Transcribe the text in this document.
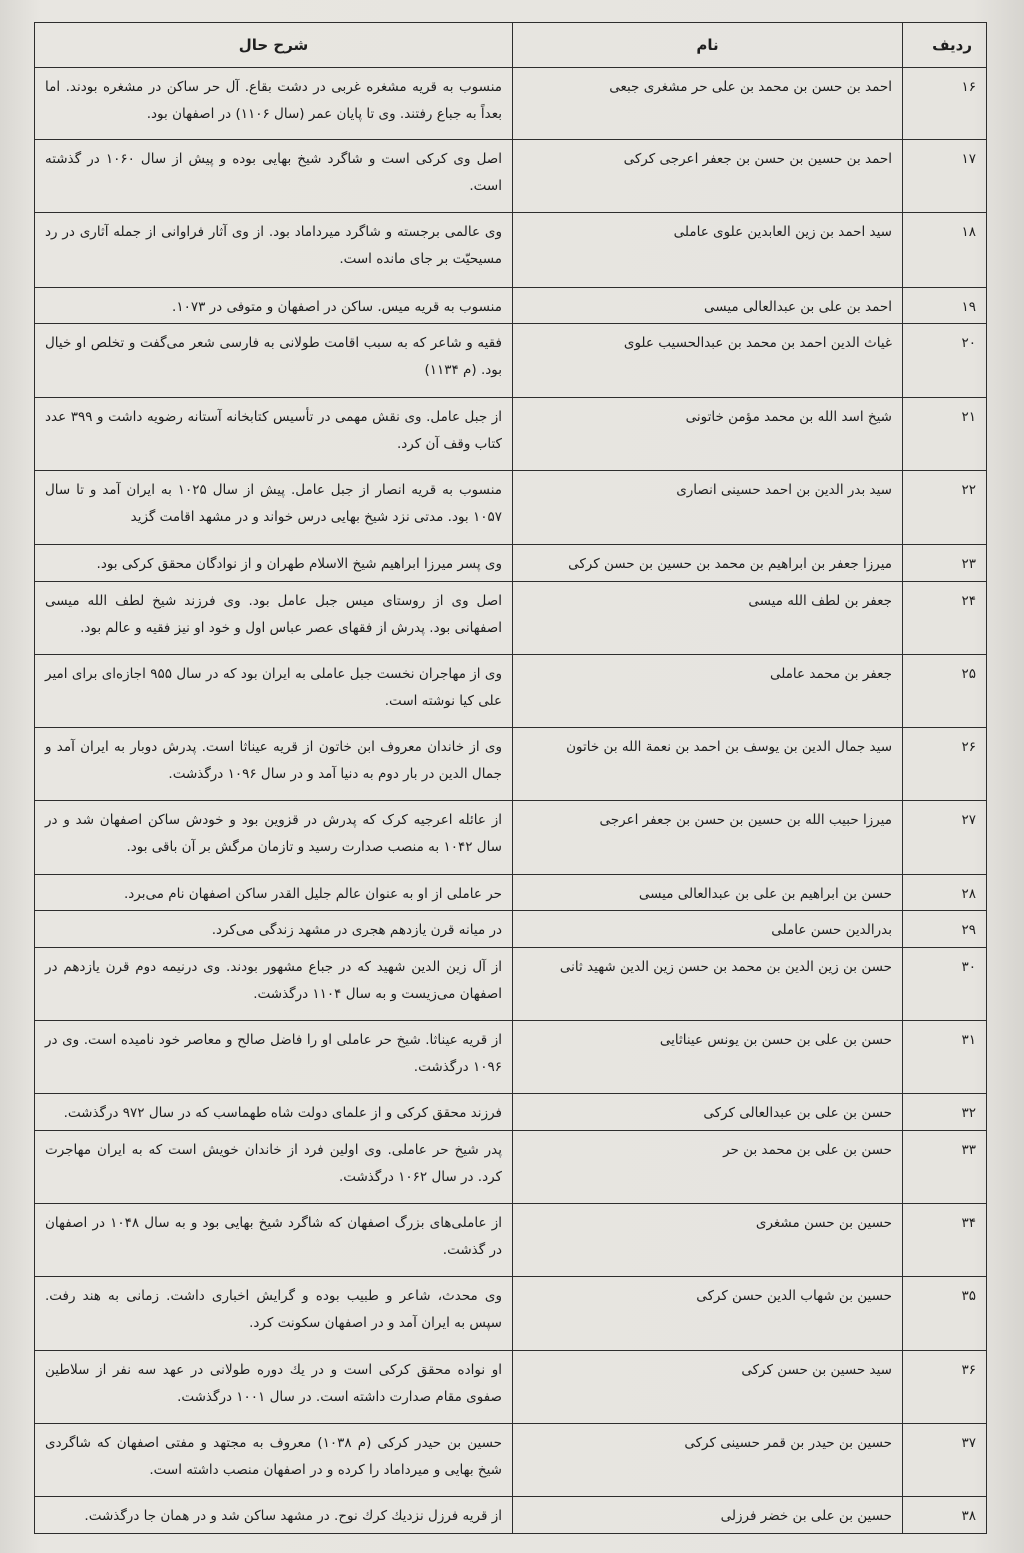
ردیف	نام	شرح حال
۱۶	احمد بن حسن بن محمد بن علی حر مشغری جبعی	منسوب به قریه مشغره غربی در دشت بقاع. آل حر ساکن در مشغره بودند. اما بعداً به جباع رفتند. وی تا پایان عمر (سال ۱۱۰۶) در اصفهان بود.
۱۷	احمد بن حسین بن حسن بن جعفر اعرجی کرکی	اصل وی کرکی است و شاگرد شیخ بهایی بوده و پیش از سال ۱۰۶۰ در گذشته است.
۱۸	سید احمد بن زین العابدین علوی عاملی	وی عالمی برجسته و شاگرد میرداماد بود. از وی آثار فراوانی از جمله آثاری در رد مسیحیّت بر جای مانده است.
۱۹	احمد بن علی بن عبدالعالی میسی	منسوب به قریه میس. ساکن در اصفهان و متوفی در ۱۰۷۳.
۲۰	غیاث الدین احمد بن محمد بن عبدالحسیب علوی	فقیه و شاعر که به سبب اقامت طولانی به فارسی شعر می‌گفت و تخلص او خیال بود. (م ۱۱۳۴)
۲۱	شیخ اسد الله بن محمد مؤمن خاتونی	از جبل عامل. وی نقش مهمی در تأسیس کتابخانه آستانه رضویه داشت و ۳۹۹ عدد کتاب وقف آن کرد.
۲۲	سید بدر الدین بن احمد حسینی انصاری	منسوب به قریه انصار از جبل عامل. پیش از سال ۱۰۲۵ به ایران آمد و تا سال ۱۰۵۷ بود. مدتی نزد شیخ بهایی درس خواند و در مشهد اقامت گزید
۲۳	میرزا جعفر بن ابراهیم بن محمد بن حسین بن حسن کرکی	وی پسر میرزا ابراهیم شیخ الاسلام طهران و از نوادگان محقق کرکی بود.
۲۴	جعفر بن لطف الله میسی	اصل وی از روستای میس جبل عامل بود. وی فرزند شیخ لطف الله میسی اصفهانی بود. پدرش از فقهای عصر عباس اول و خود او نیز فقیه و عالم بود.
۲۵	جعفر بن محمد عاملی	وی از مهاجران نخست جبل عاملی به ایران بود که در سال ۹۵۵ اجازه‌ای برای امیر علی کیا نوشته است.
۲۶	سید جمال الدین بن یوسف بن احمد بن نعمة الله بن خاتون	وی از خاندان معروف ابن خاتون از قریه عیناثا است. پدرش دوبار به ایران آمد و جمال الدین در بار دوم به دنیا آمد و در سال ۱۰۹۶ درگذشت.
۲۷	میرزا حبیب الله بن حسین بن حسن بن جعفر اعرجی	از عائله اعرجیه کرک که پدرش در قزوین بود و خودش ساکن اصفهان شد و در سال ۱۰۴۲ به منصب صدارت رسید و تا‌زمان مرگش بر آن باقی بود.
۲۸	حسن بن ابراهیم بن علی بن عبدالعالی میسی	حر عاملی از او به عنوان عالم جلیل القدر ساکن اصفهان نام می‌برد.
۲۹	بدرالدین حسن عاملی	در میانه قرن یازدهم هجری در مشهد زندگی می‌کرد.
۳۰	حسن بن زین الدین بن محمد بن حسن زین الدین شهید ثانی	از آل زین الدین شهید که در جباع مشهور بودند. وی درنیمه دوم قرن یازدهم در اصفهان می‌زیست و به سال ۱۱۰۴ درگذشت.
۳۱	حسن بن علی بن حسن بن یونس عیناثایی	از قریه عیناثا. شیخ حر عاملی او را فاضل صالح و معاصر خود نامیده است. وی در ۱۰۹۶ درگذشت.
۳۲	حسن بن علی بن عبدالعالی کرکی	فرزند محقق کرکی و از علمای دولت شاه طهماسب که در سال ۹۷۲ درگذشت.
۳۳	حسن بن علی بن محمد بن حر	پدر شیخ حر عاملی. وی اولین فرد از خاندان خویش است که به ایران مهاجرت کرد. در سال ۱۰۶۲ درگذشت.
۳۴	حسین بن حسن مشغری	از عاملی‌های بزرگ اصفهان که شاگرد شیخ بهایی بود و به سال ۱۰۴۸ در اصفهان در گذشت.
۳۵	حسین بن شهاب الدین حسن کرکی	وی محدث، شاعر و طبیب بوده و گرایش اخباری داشت. زمانی به هند رفت. سپس به ایران آمد و در اصفهان سکونت کرد.
۳۶	سید حسین بن حسن کرکی	او نواده محقق کرکی است و در یك دوره طولانی در عهد سه نفر از سلاطین صفوی مقام صدارت داشته است. در سال ۱۰۰۱ درگذشت.
۳۷	حسین بن حیدر بن قمر حسینی کرکی	حسین بن حیدر کرکی (م ۱۰۳۸) معروف به مجتهد و مفتی اصفهان که شاگردی شیخ بهایی و میرداماد را کرده و در اصفهان منصب داشته است.
۳۸	حسین بن علی بن خضر فرزلی	از قریه فرزل نزدیك کرك نوح. در مشهد ساکن شد و در همان جا درگذشت.
